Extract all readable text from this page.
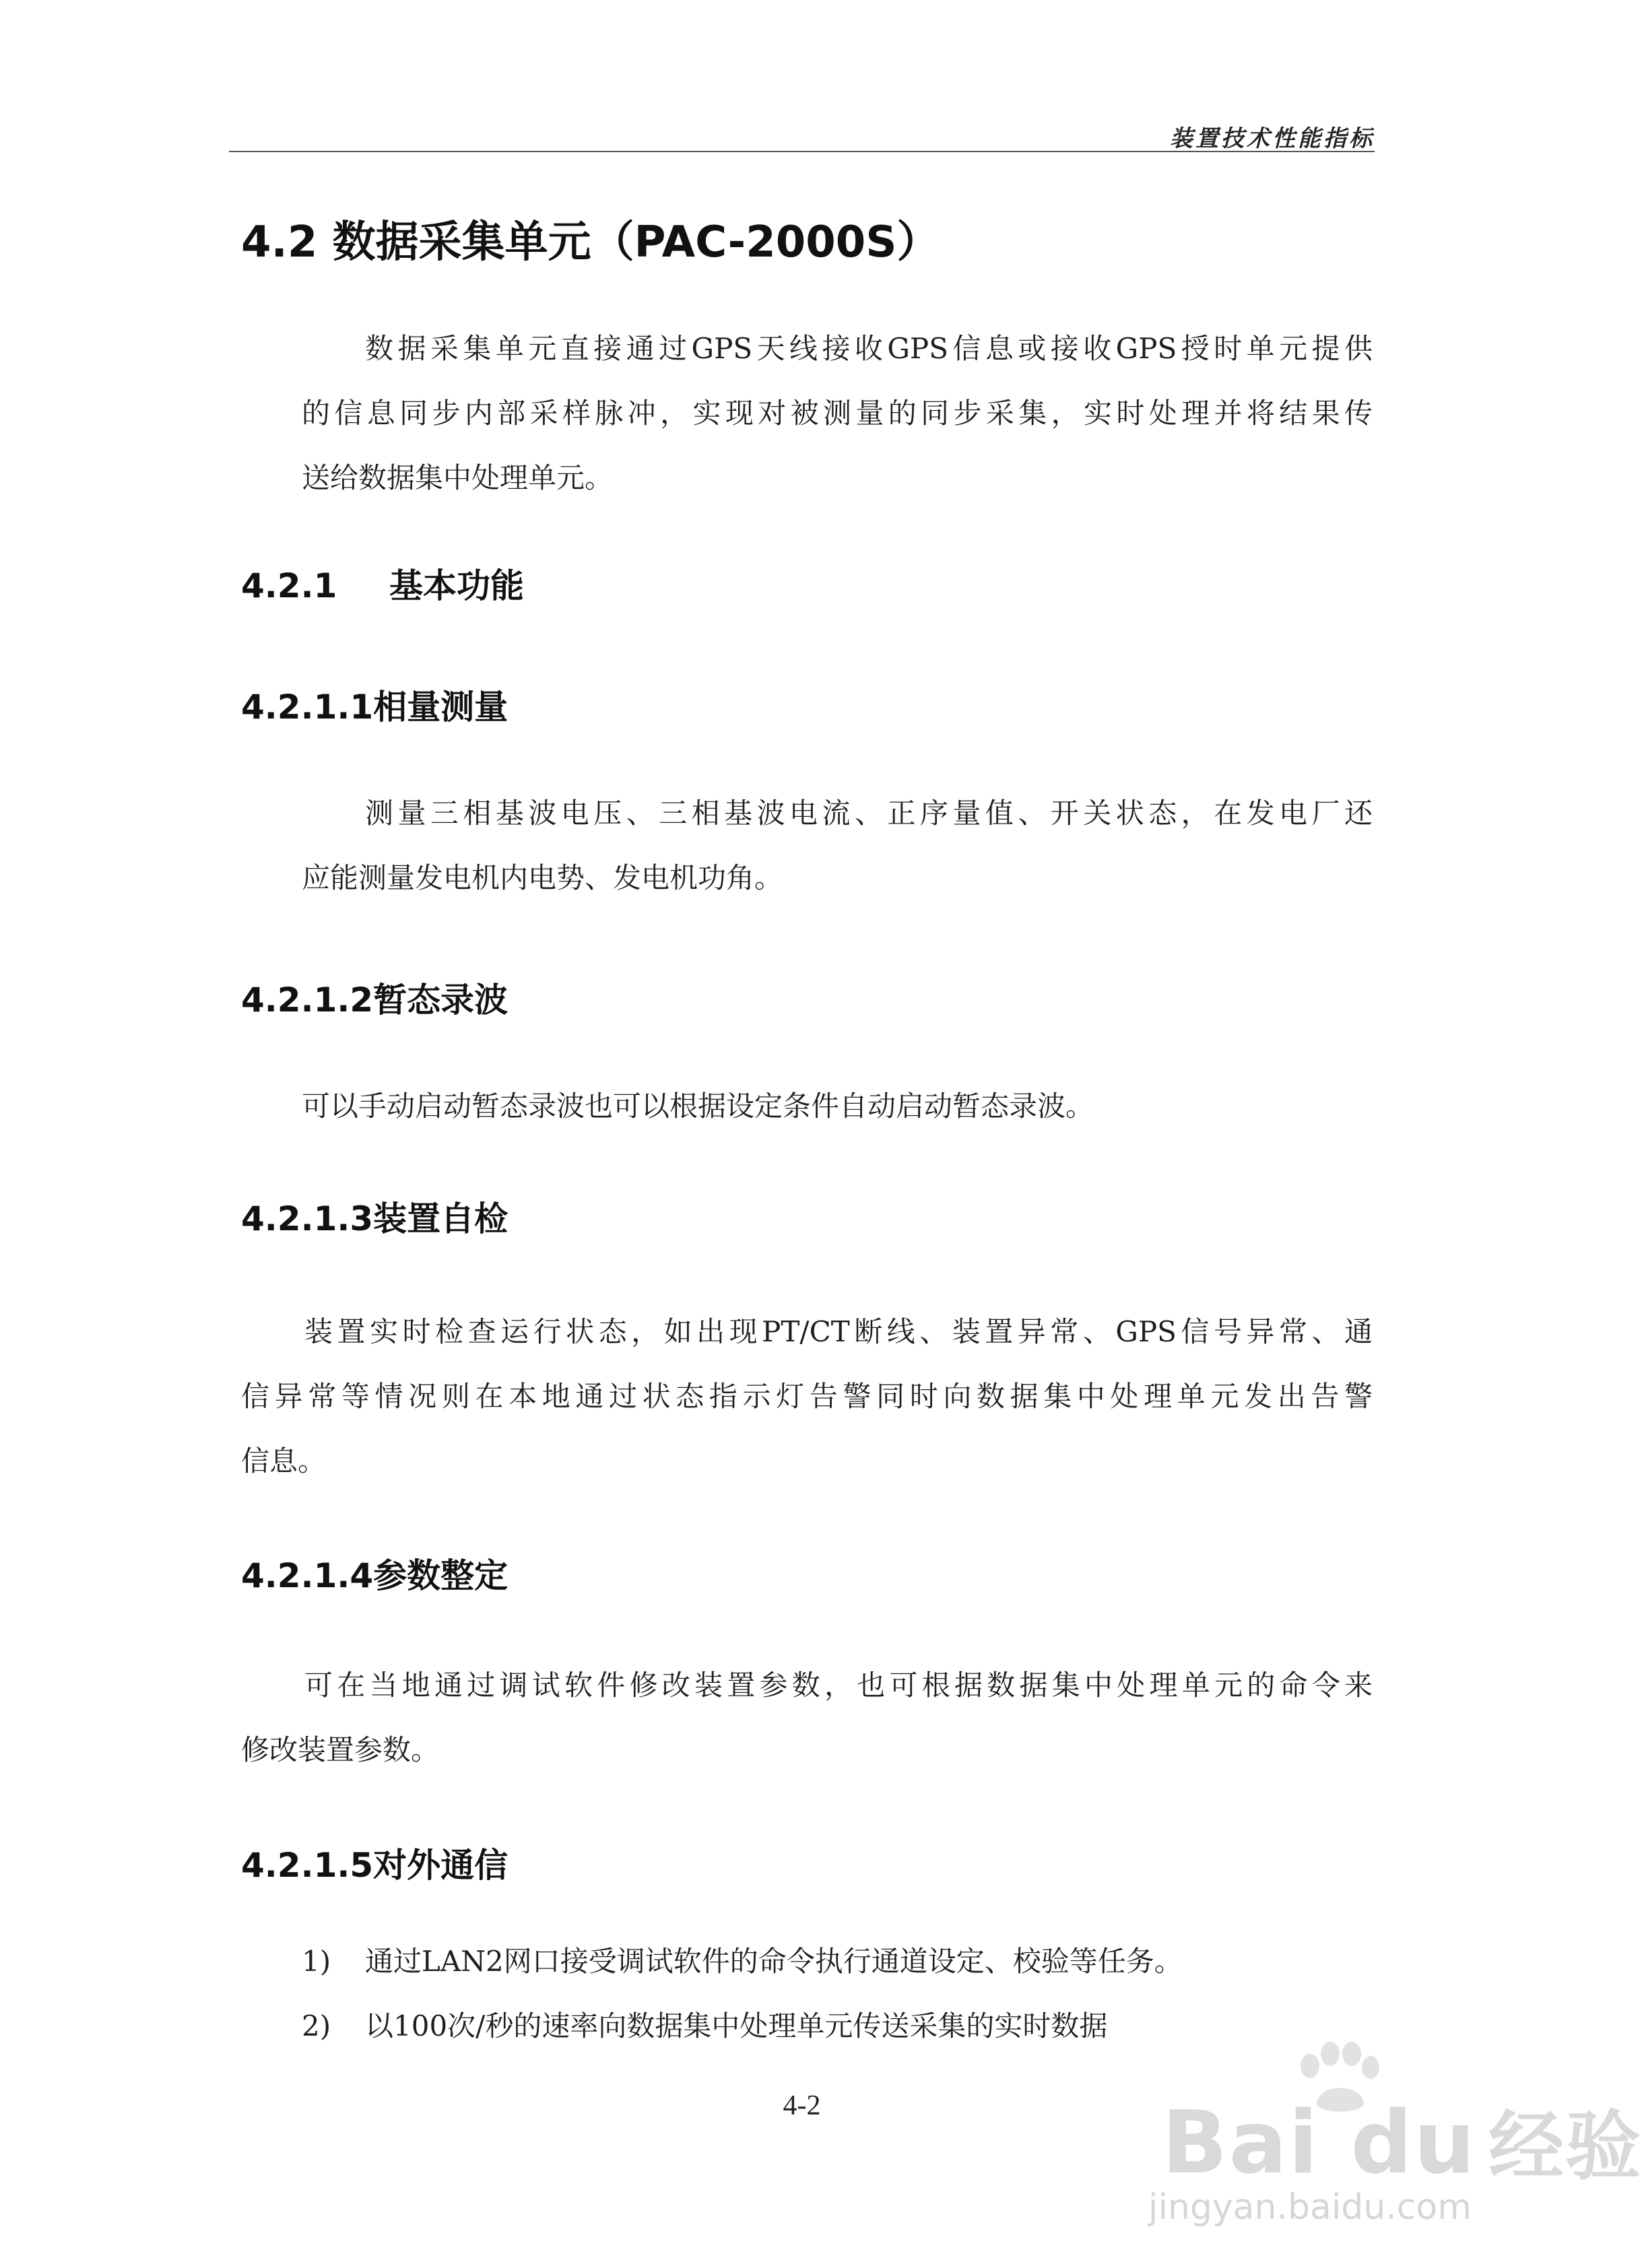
装置技术性能指标
4.2 数据采集单元（PAC-2000S）
数据采集单元直接通过GPS天线接收GPS信息或接收GPS授时单元提供
的信息同步内部采样脉冲，实现对被测量的同步采集，实时处理并将结果传
送给数据集中处理单元。
4.2.1 基本功能
4.2.1.1相量测量
测量三相基波电压、三相基波电流、正序量值、开关状态，在发电厂还
应能测量发电机内电势、发电机功角。
4.2.1.2暂态录波
可以手动启动暂态录波也可以根据设定条件自动启动暂态录波。
4.2.1.3装置自检
装置实时检查运行状态，如出现PT/CT断线、装置异常、GPS信号异常、通
信异常等情况则在本地通过状态指示灯告警同时向数据集中处理单元发出告警
信息。
4.2.1.4参数整定
可在当地通过调试软件修改装置参数，也可根据数据集中处理单元的命令来
修改装置参数。
4.2.1.5对外通信
1) 通过LAN2网口接受调试软件的命令执行通道设定、校验等任务。
2) 以100次/秒的速率向数据集中处理单元传送采集的实时数据
4-2	Bai du 经验
jingyan.baidu.com
